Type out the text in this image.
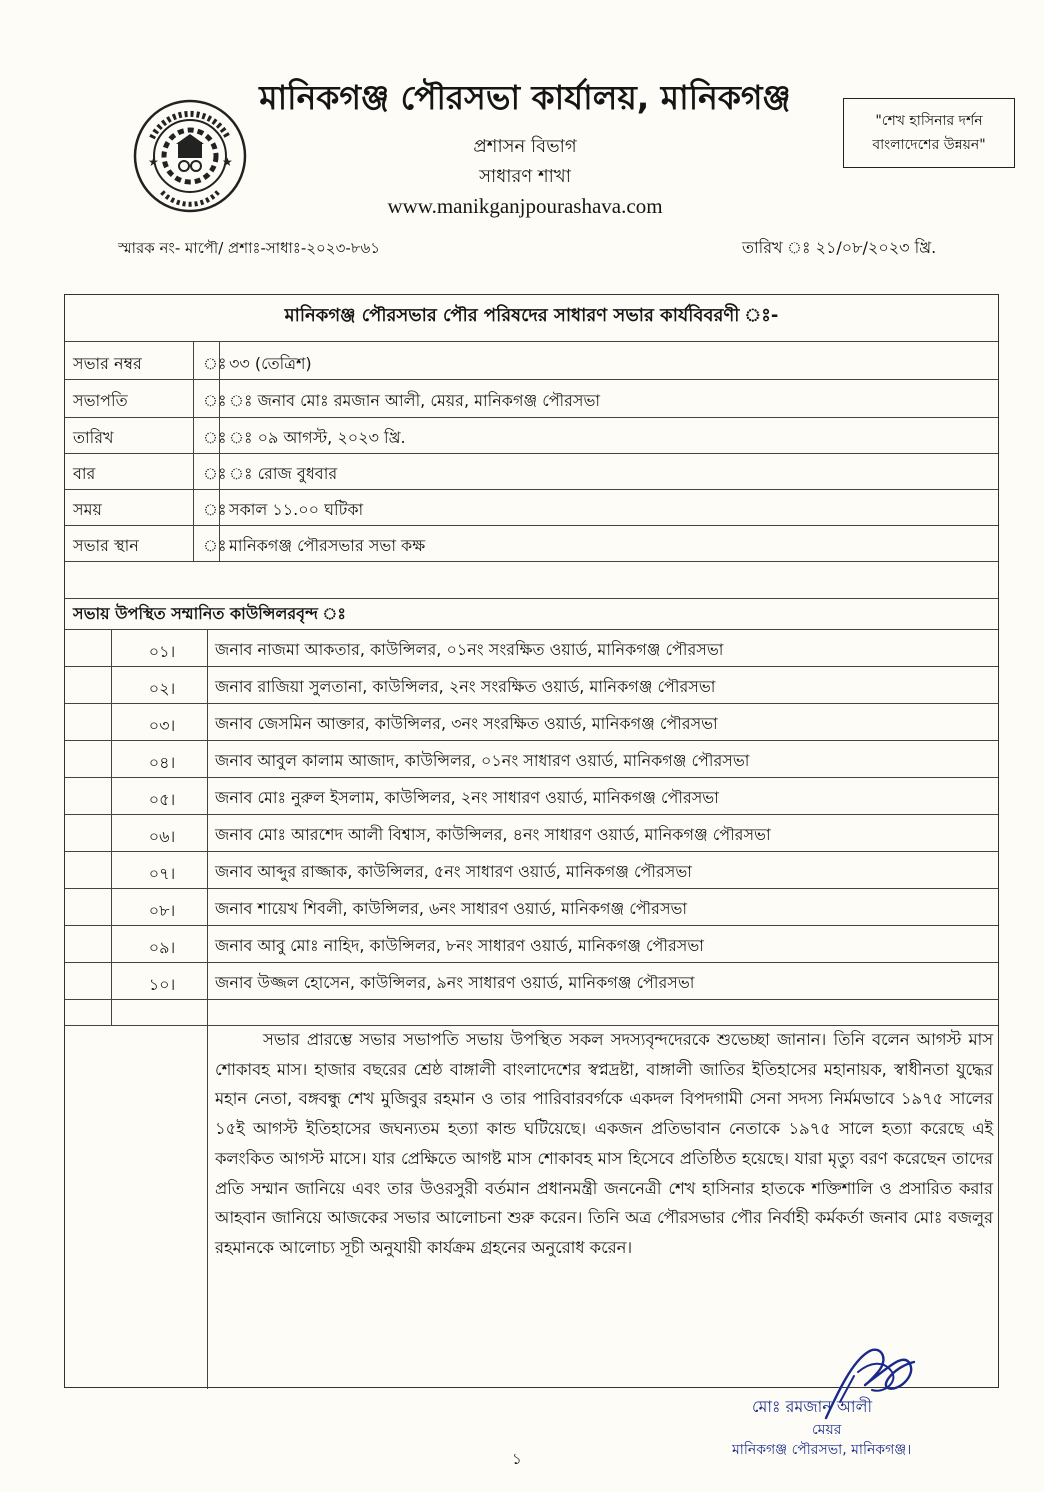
★	★
মানিকগঞ্জ পৌরসভা কার্যালয়, মানিকগঞ্জ
প্রশাসন বিভাগ
সাধারণ শাখা
www.manikganjpourashava.com
"শেখ হাসিনার দর্শন
বাংলাদেশের উন্নয়ন"
স্মারক নং- মাপৌ/ প্রশাঃ-সাধাঃ-২০২৩-৮৬১	তারিখ ঃ ২১/০৮/২০২৩ খ্রি.
মানিকগঞ্জ পৌরসভার পৌর পরিষদের সাধারণ সভার কার্যবিবরণী ঃ-
সভার নম্বর	ঃ ৩৩ (তেত্রিশ)
সভাপতি	ঃ ঃ জনাব মোঃ রমজান আলী, মেয়র, মানিকগঞ্জ পৌরসভা
তারিখ	ঃ ঃ ০৯ আগস্ট, ২০২৩ খ্রি.
বার	ঃ ঃ রোজ বুধবার
সময়	ঃ সকাল ১১.০০ ঘটিকা
সভার স্থান	ঃ মানিকগঞ্জ পৌরসভার সভা কক্ষ
সভায় উপস্থিত সম্মানিত কাউন্সিলরবৃন্দ ঃ
০১।	জনাব নাজমা আকতার, কাউন্সিলর, ০১নং সংরক্ষিত ওয়ার্ড, মানিকগঞ্জ পৌরসভা
০২।	জনাব রাজিয়া সুলতানা, কাউন্সিলর, ২নং সংরক্ষিত ওয়ার্ড, মানিকগঞ্জ পৌরসভা
০৩।	জনাব জেসমিন আক্তার, কাউন্সিলর, ৩নং সংরক্ষিত ওয়ার্ড, মানিকগঞ্জ পৌরসভা
০৪।	জনাব আবুল কালাম আজাদ, কাউন্সিলর, ০১নং সাধারণ ওয়ার্ড, মানিকগঞ্জ পৌরসভা
০৫।	জনাব মোঃ নুরুল ইসলাম, কাউন্সিলর, ২নং সাধারণ ওয়ার্ড, মানিকগঞ্জ পৌরসভা
০৬।	জনাব মোঃ আরশেদ আলী বিশ্বাস, কাউন্সিলর, ৪নং সাধারণ ওয়ার্ড, মানিকগঞ্জ পৌরসভা
০৭।	জনাব আব্দুর রাজ্জাক, কাউন্সিলর, ৫নং সাধারণ ওয়ার্ড, মানিকগঞ্জ পৌরসভা
০৮।	জনাব শায়েখ শিবলী, কাউন্সিলর, ৬নং সাধারণ ওয়ার্ড, মানিকগঞ্জ পৌরসভা
০৯।	জনাব আবু মোঃ নাহিদ, কাউন্সিলর, ৮নং সাধারণ ওয়ার্ড, মানিকগঞ্জ পৌরসভা
১০।	জনাব উজ্জল হোসেন, কাউন্সিলর, ৯নং সাধারণ ওয়ার্ড, মানিকগঞ্জ পৌরসভা
সভার প্রারম্ভে সভার সভাপতি সভায় উপস্থিত সকল সদস্যবৃন্দদেরকে শুভেচ্ছা জানান। তিনি বলেন আগস্ট মাস শোকাবহ মাস। হাজার বছরের শ্রেষ্ঠ বাঙ্গালী বাংলাদেশের স্বপ্নদ্রষ্টা, বাঙ্গালী জাতির ইতিহাসের মহানায়ক, স্বাধীনতা যুদ্ধের মহান নেতা, বঙ্গবন্ধু শেখ মুজিবুর রহমান ও তার পারিবারবর্গকে একদল বিপদগামী সেনা সদস্য নির্মমভাবে ১৯৭৫ সালের ১৫ই আগস্ট ইতিহাসের জঘন্যতম হত্যা কান্ড ঘটিয়েছে। একজন প্রতিভাবান নেতাকে ১৯৭৫ সালে হত্যা করেছে এই কলংকিত আগস্ট মাসে। যার প্রেক্ষিতে আগষ্ট মাস শোকাবহ মাস হিসেবে প্রতিষ্ঠিত হয়েছে। যারা মৃত্যু বরণ করেছেন তাদের প্রতি সম্মান জানিয়ে এবং তার উওরসুরী বর্তমান প্রধানমন্ত্রী জননেত্রী শেখ হাসিনার হাতকে শক্তিশালি ও প্রসারিত করার আহবান জানিয়ে আজকের সভার আলোচনা শুরু করেন। তিনি অত্র পৌরসভার পৌর নির্বাহী কর্মকর্তা জনাব মোঃ বজলুর রহমানকে আলোচ্য সূচী অনুযায়ী কার্যক্রম গ্রহনের অনুরোধ করেন।
মোঃ রমজান আলী
মেয়র
মানিকগঞ্জ পৌরসভা, মানিকগঞ্জ।
১
